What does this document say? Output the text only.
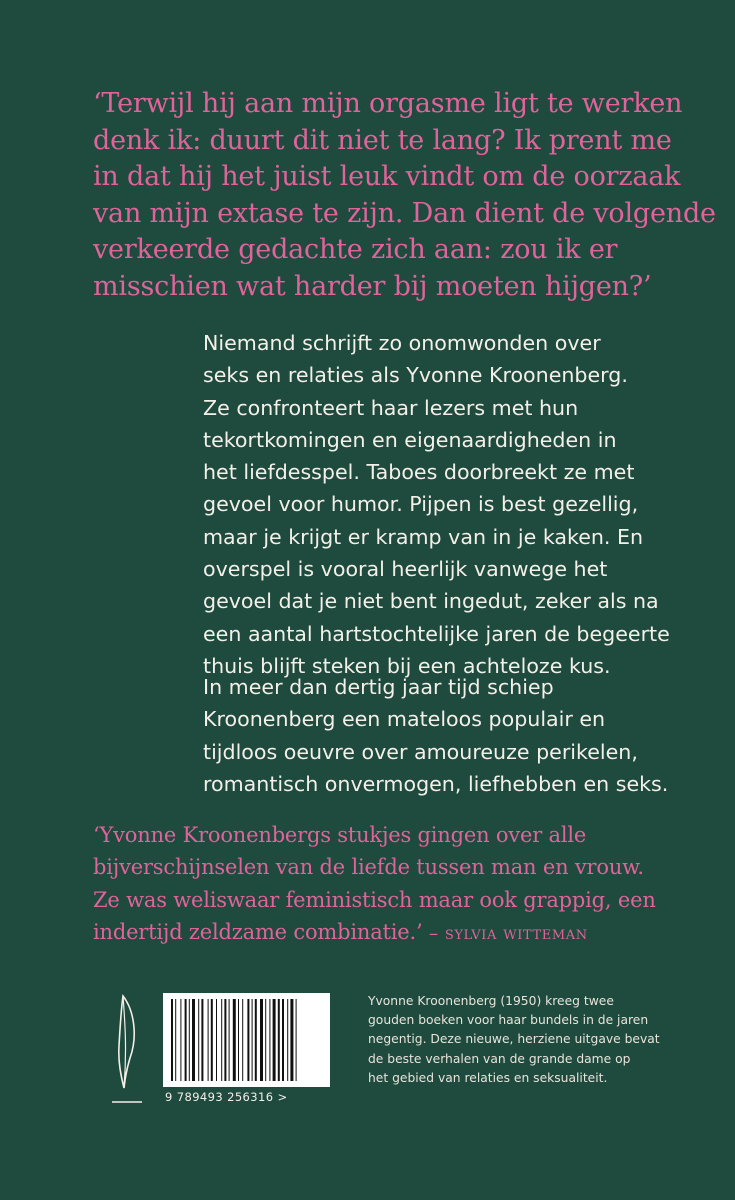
‘Terwijl hij aan mijn orgasme ligt te werken
denk ik: duurt dit niet te lang? Ik prent me
in dat hij het juist leuk vindt om de oorzaak
van mijn extase te zijn. Dan dient de volgende
verkeerde gedachte zich aan: zou ik er
misschien wat harder bij moeten hijgen?’
Niemand schrijft zo onomwonden over
seks en relaties als Yvonne Kroonenberg.
Ze confronteert haar lezers met hun
tekortkomingen en eigenaardigheden in
het liefdesspel. Taboes doorbreekt ze met
gevoel voor humor. Pijpen is best gezellig,
maar je krijgt er kramp van in je kaken. En
overspel is vooral heerlijk vanwege het
gevoel dat je niet bent ingedut, zeker als na
een aantal hartstochtelijke jaren de begeerte
thuis blijft steken bij een achteloze kus.
In meer dan dertig jaar tijd schiep
Kroonenberg een mateloos populair en
tijdloos oeuvre over amoureuze perikelen,
romantisch onvermogen, liefhebben en seks.
‘Yvonne Kroonenbergs stukjes gingen over alle
bijverschijnselen van de liefde tussen man en vrouw.
Ze was weliswaar feministisch maar ook grappig, een
indertijd zeldzame combinatie.’ – sylvia witteman
9 789493 256316 >
Yvonne Kroonenberg (1950) kreeg twee
gouden boeken voor haar bundels in de jaren
negentig. Deze nieuwe, herziene uitgave bevat
de beste verhalen van de grande dame op
het gebied van relaties en seksualiteit.
